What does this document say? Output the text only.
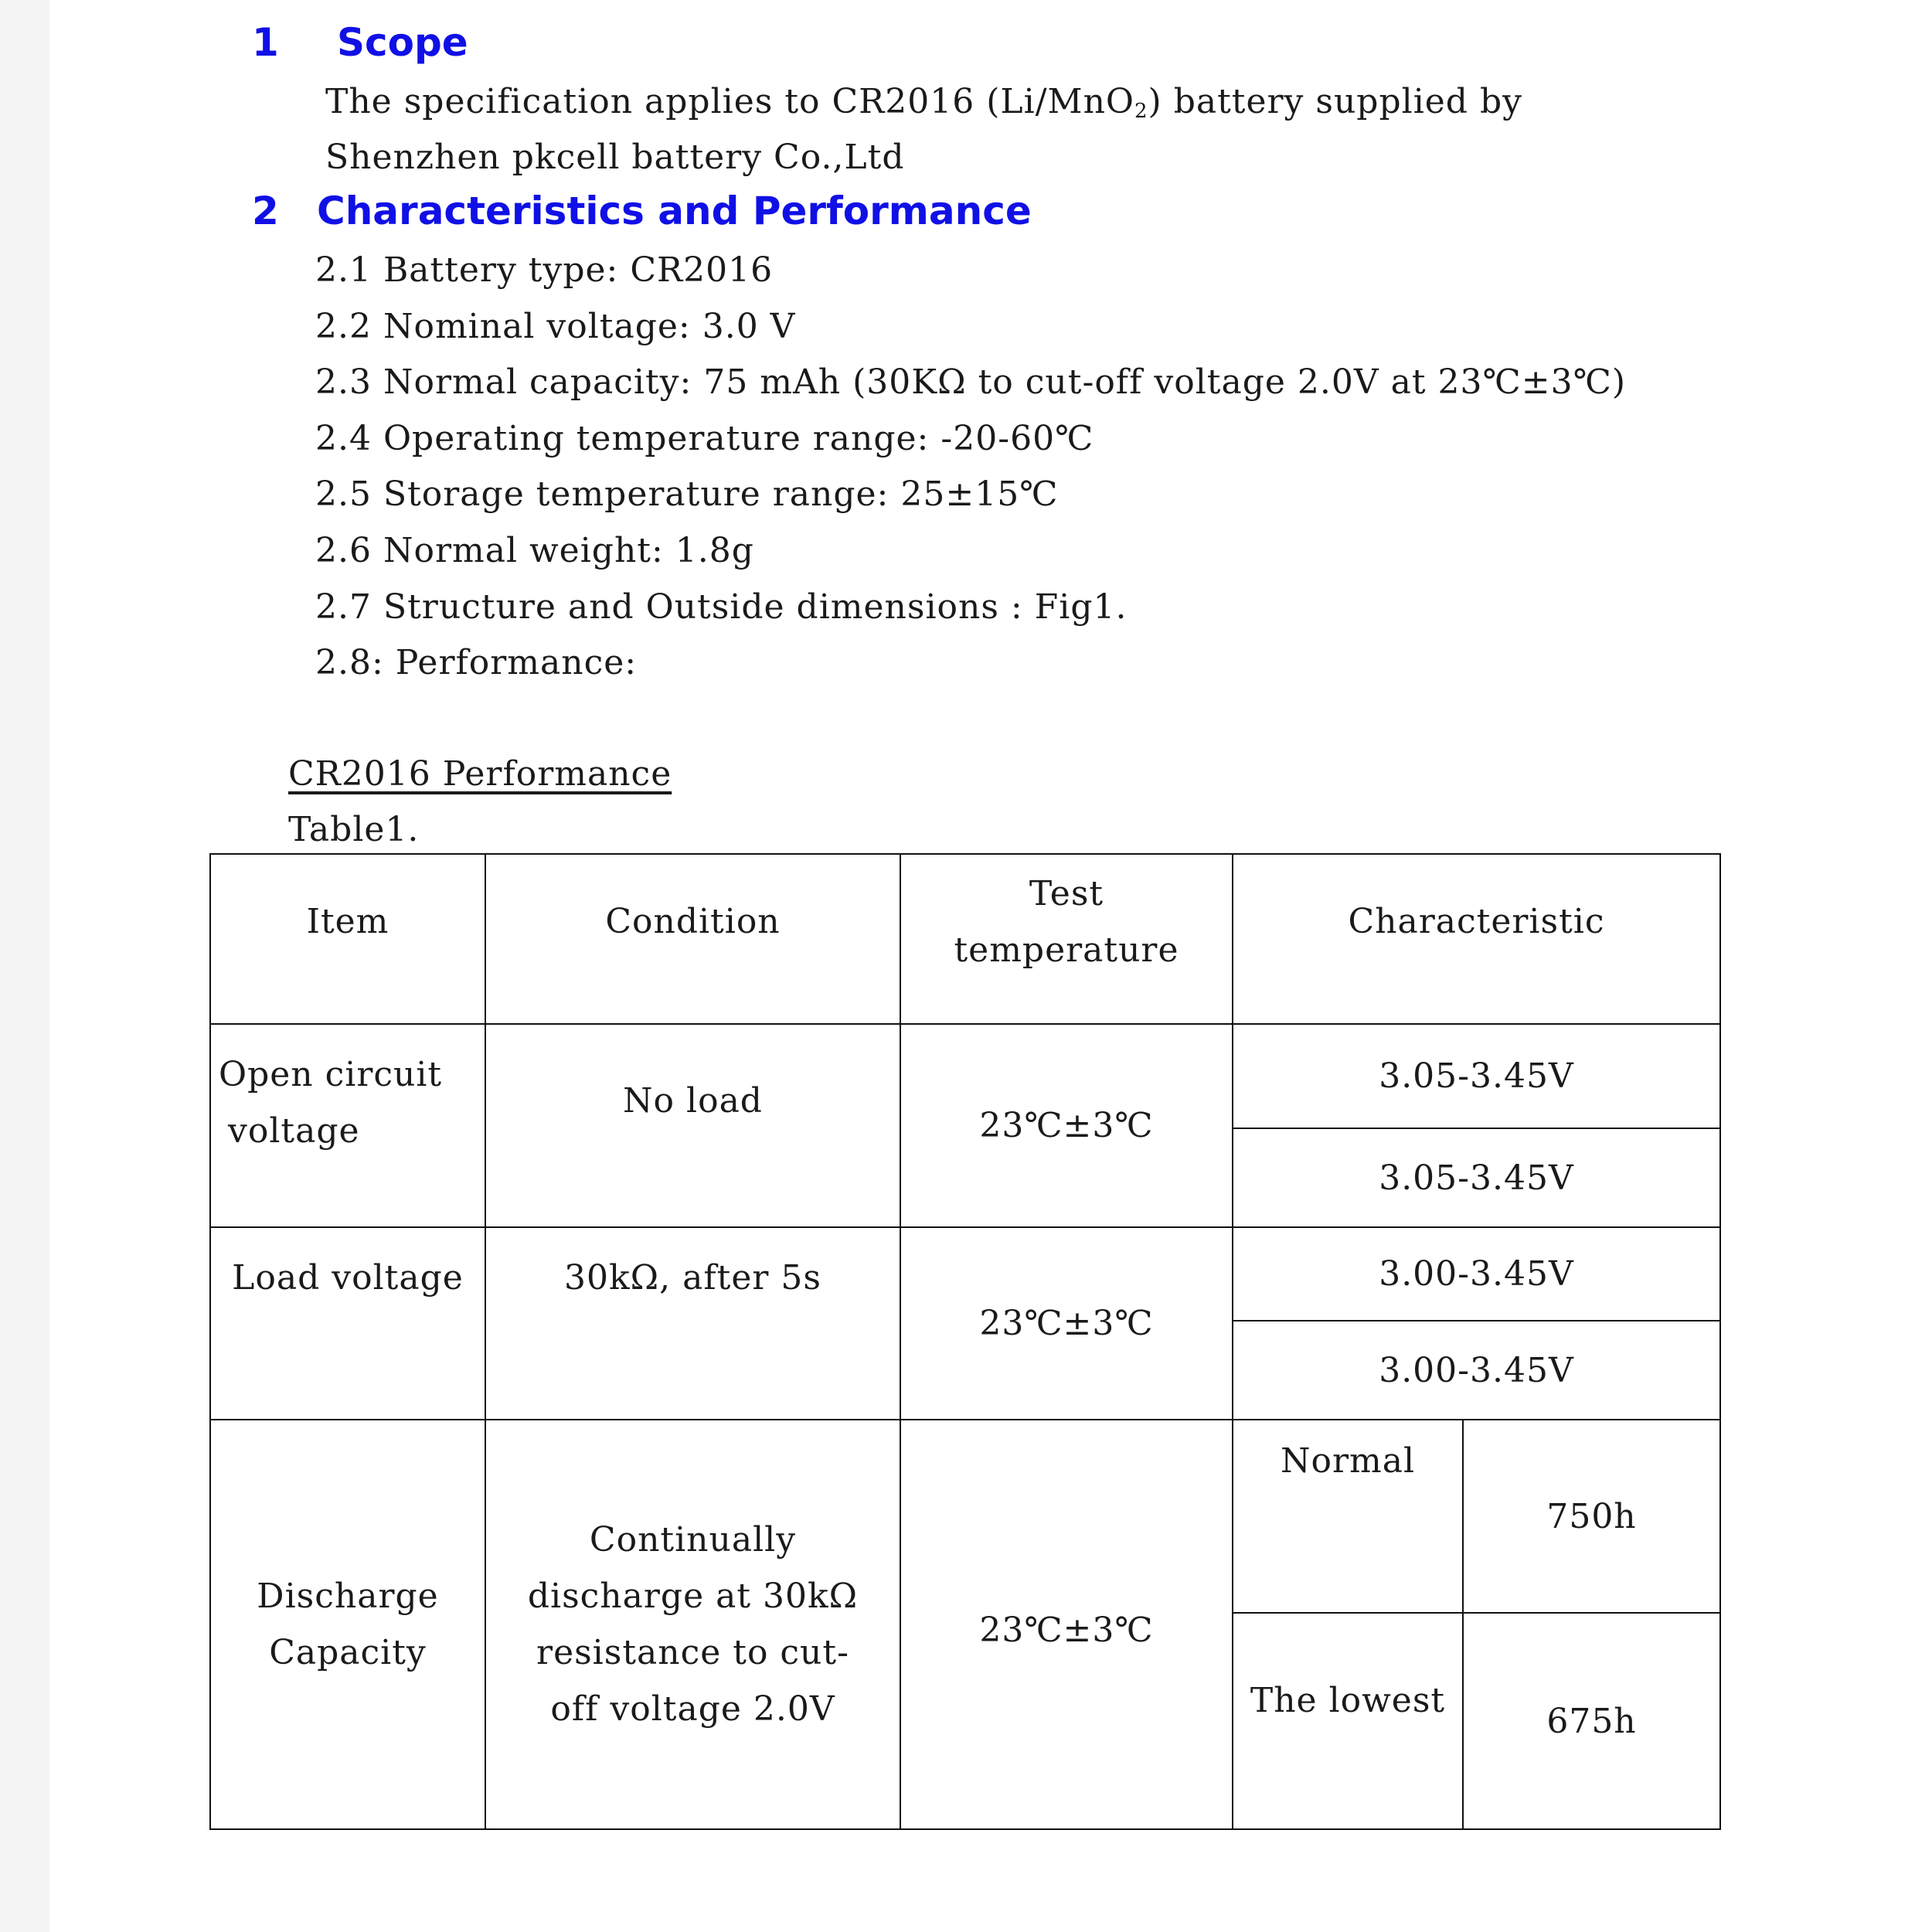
1 Scope
The specification applies to CR2016 (Li/MnO$_2$) battery supplied by
Shenzhen pkcell battery Co.,Ltd
2 Characteristics and Performance
2.1 Battery type: CR2016
2.2 Nominal voltage: 3.0 V
2.3 Normal capacity: 75 mAh (30KΩ to cut-off voltage 2.0V at 23℃±3℃)
2.4 Operating temperature range: -20-60℃
2.5 Storage temperature range: 25±15℃
2.6 Normal weight: 1.8g
2.7 Structure and Outside dimensions : Fig1.
2.8: Performance:
CR2016 Performance
Table1.
Item	Condition
Test
temperature
Characteristic
Open circuit
voltage
No load
23℃±3℃
3.05-3.45V
3.05-3.45V
Load voltage	30kΩ, after 5s
23℃±3℃
3.00-3.45V
3.00-3.45V
Discharge
Capacity
Continually
discharge at 30kΩ
resistance to cut-
off voltage 2.0V
23℃±3℃
Normal
750h
The lowest
675h
